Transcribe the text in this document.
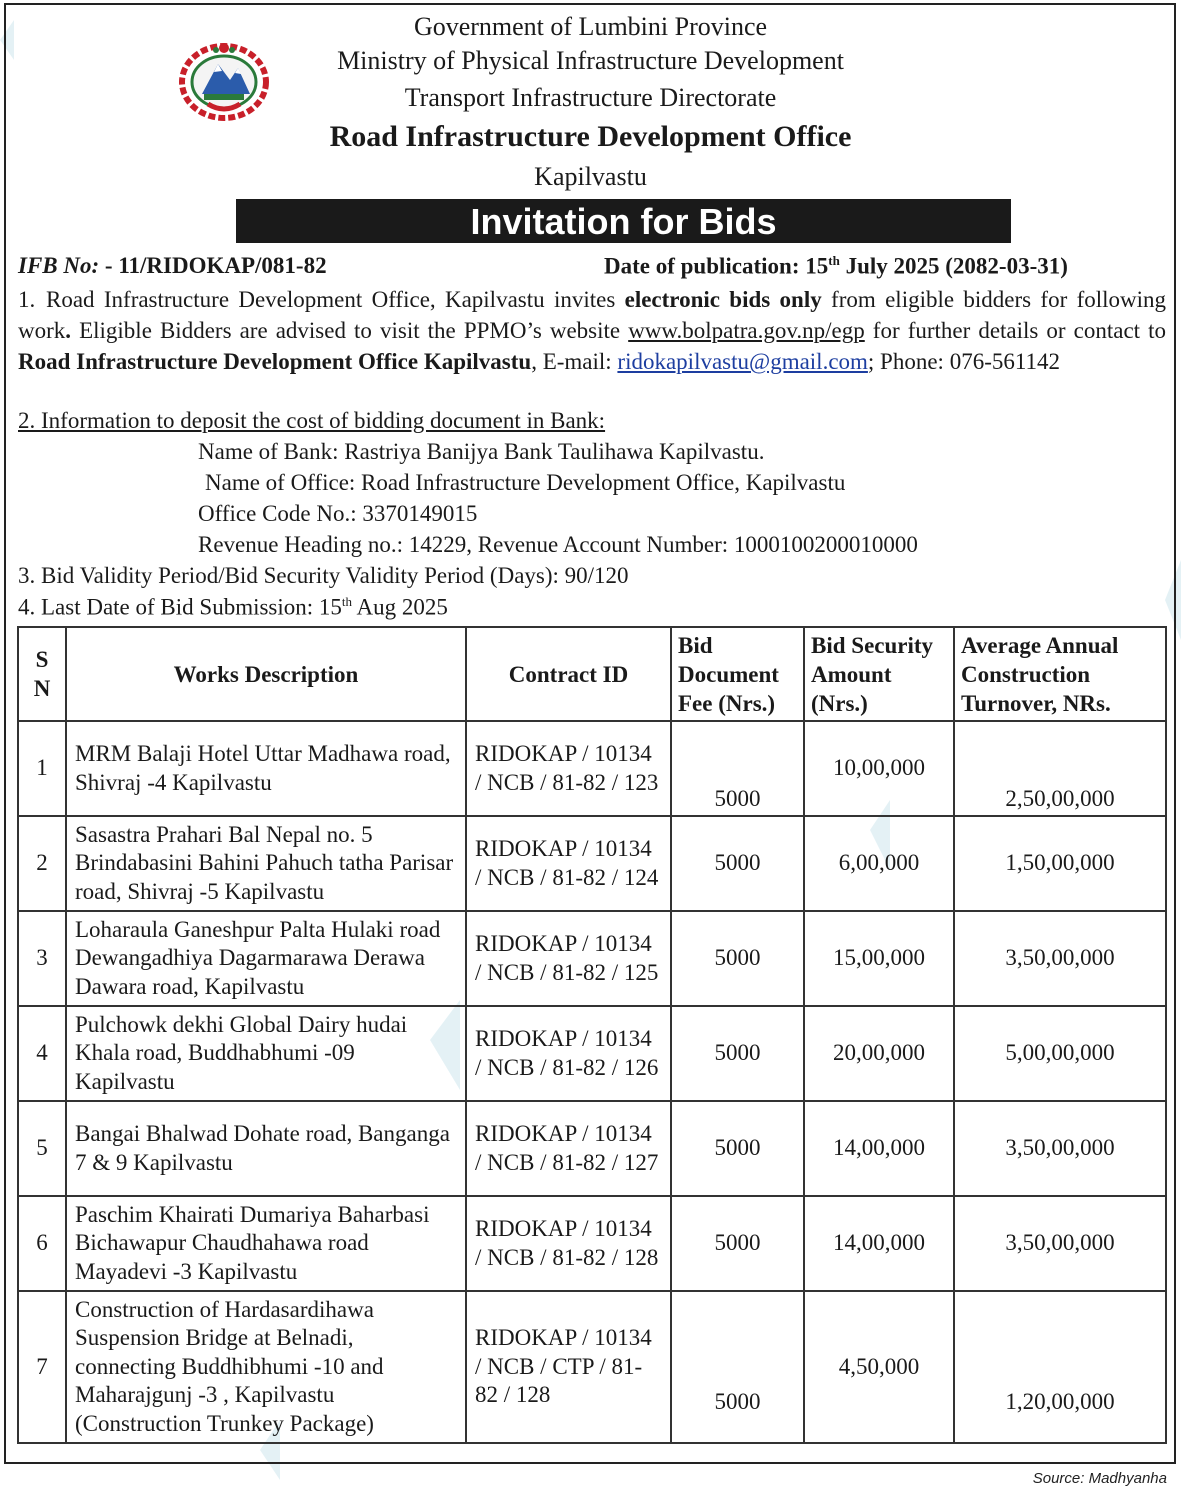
Government of Lumbini Province
Ministry of Physical Infrastructure Development
Transport Infrastructure Directorate
Road Infrastructure Development Office
Kapilvastu
Invitation for Bids
IFB No: - 11/RIDOKAP/081-82	Date of publication: 15th July 2025 (2082-03-31)
1. Road Infrastructure Development Office, Kapilvastu invites electronic bids only from eligible bidders for following work. Eligible Bidders are advised to visit the PPMO’s website www.bolpatra.gov.np/egp for further details or contact to Road Infrastructure Development Office Kapilvastu, E-mail: ridokapilvastu@gmail.com; Phone: 076-561142
2. Information to deposit the cost of bidding document in Bank:
Name of Bank: Rastriya Banijya Bank Taulihawa Kapilvastu.
Name of Office: Road Infrastructure Development Office, Kapilvastu
Office Code No.: 3370149015
Revenue Heading no.: 14229, Revenue Account Number: 1000100200010000
3. Bid Validity Period/Bid Security Validity Period (Days): 90/120
4. Last Date of Bid Submission: 15th Aug 2025
S
N	Works Description	Contract ID	Bid Document Fee (Nrs.)	Bid Security Amount (Nrs.)	Average Annual Construction Turnover, NRs.
1	MRM Balaji Hotel Uttar Madhawa road, Shivraj -4 Kapilvastu	RIDOKAP / 10134 / NCB / 81-82 / 123	5000	10,00,000	2,50,00,000
2	Sasastra Prahari Bal Nepal no. 5 Brindabasini Bahini Pahuch tatha Parisar road, Shivraj -5 Kapilvastu	RIDOKAP / 10134 / NCB / 81-82 / 124	5000	6,00,000	1,50,00,000
3	Loharaula Ganeshpur Palta Hulaki road Dewangadhiya Dagarmarawa Derawa Dawara road, Kapilvastu	RIDOKAP / 10134 / NCB / 81-82 / 125	5000	15,00,000	3,50,00,000
4	Pulchowk dekhi Global Dairy hudai Khala road, Buddhabhumi -09 Kapilvastu	RIDOKAP / 10134 / NCB / 81-82 / 126	5000	20,00,000	5,00,00,000
5	Bangai Bhalwad Dohate road, Banganga 7 & 9 Kapilvastu	RIDOKAP / 10134 / NCB / 81-82 / 127	5000	14,00,000	3,50,00,000
6	Paschim Khairati Dumariya Baharbasi Bichawapur Chaudhahawa road Mayadevi -3 Kapilvastu	RIDOKAP / 10134 / NCB / 81-82 / 128	5000	14,00,000	3,50,00,000
7	Construction of Hardasardihawa Suspension Bridge at Belnadi, connecting Buddhibhumi -10 and Maharajgunj -3 , Kapilvastu (Construction Trunkey Package)	RIDOKAP / 10134 / NCB / CTP / 81-82 / 128	5000	4,50,000	1,20,00,000
Source: Madhyanha
